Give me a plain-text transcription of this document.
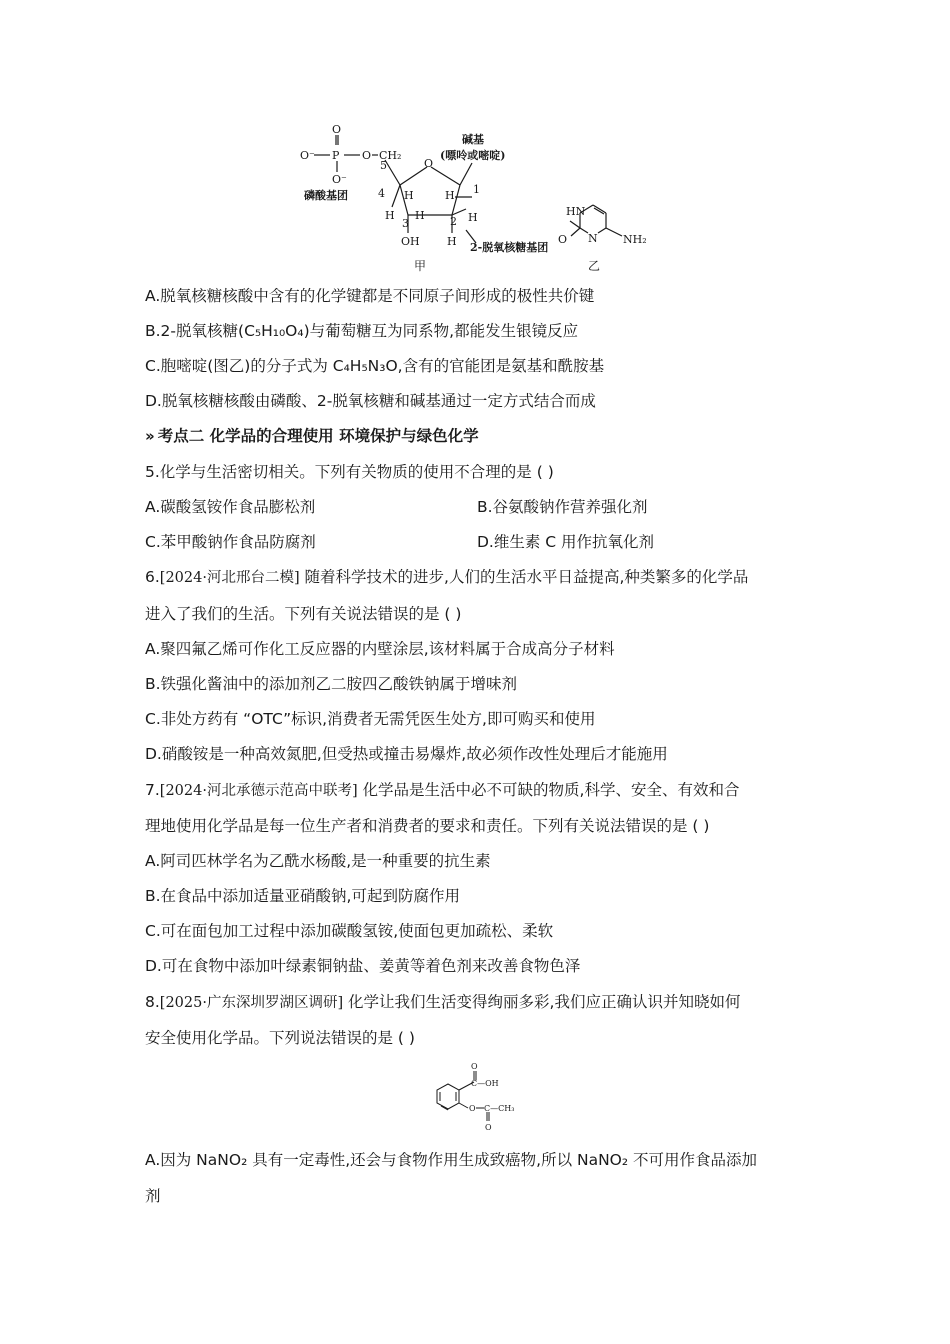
O
O⁻ P O CH₂
O⁻
磷酸基团
5	O
碱基
(嘌呤或嘧啶)
4 H	H 1
H
3
H 2 H
OH H 2-脱氧核糖基团
甲
HN
N
O	NH₂
乙
A.脱氧核糖核酸中含有的化学键都是不同原子间形成的极性共价键
B.2-脱氧核糖(C₅H₁₀O₄)与葡萄糖互为同系物,都能发生银镜反应
C.胞嘧啶(图乙)的分子式为 C₄H₅N₃O,含有的官能团是氨基和酰胺基
D.脱氧核糖核酸由磷酸、2-脱氧核糖和碱基通过一定方式结合而成
›› 考点二 化学品的合理使用 环境保护与绿色化学
5.化学与生活密切相关。下列有关物质的使用不合理的是 ( )
A.碳酸氢铵作食品膨松剂	B.谷氨酸钠作营养强化剂
C.苯甲酸钠作食品防腐剂	D.维生素 C 用作抗氧化剂
6.[2024·河北邢台二模] 随着科学技术的进步,人们的生活水平日益提高,种类繁多的化学品
进入了我们的生活。下列有关说法错误的是 ( )
A.聚四氟乙烯可作化工反应器的内壁涂层,该材料属于合成高分子材料
B.铁强化酱油中的添加剂乙二胺四乙酸铁钠属于增味剂
C.非处方药有 “OTC”标识,消费者无需凭医生处方,即可购买和使用
D.硝酸铵是一种高效氮肥,但受热或撞击易爆炸,故必须作改性处理后才能施用
7.[2024·河北承德示范高中联考] 化学品是生活中必不可缺的物质,科学、安全、有效和合
理地使用化学品是每一位生产者和消费者的要求和责任。下列有关说法错误的是 ( )
A.阿司匹林学名为乙酰水杨酸,是一种重要的抗生素
B.在食品中添加适量亚硝酸钠,可起到防腐作用
C.可在面包加工过程中添加碳酸氢铵,使面包更加疏松、柔软
D.可在食物中添加叶绿素铜钠盐、姜黄等着色剂来改善食物色泽
8.[2025·广东深圳罗湖区调研] 化学让我们生活变得绚丽多彩,我们应正确认识并知晓如何
安全使用化学品。下列说法错误的是 ( )
O
C—OH
O C—CH₃
O
A.因为 NaNO₂ 具有一定毒性,还会与食物作用生成致癌物,所以 NaNO₂ 不可用作食品添加
剂
